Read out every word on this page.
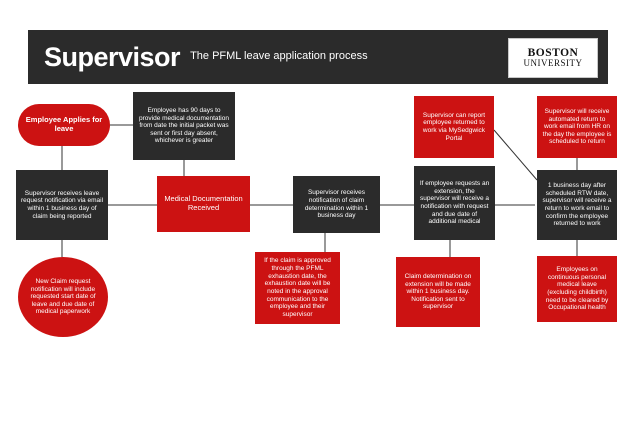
Supervisor The PFML leave application process	BOSTON
UNIVERSITY
Employee Applies for leave
Employee has 90 days to provide medical documentation from date the initial packet was sent or first day absent, whichever is greater
Supervisor can report employee returned to work via MySedgwick Portal
Supervisor will receive automated return to work email from HR on the day the employee is scheduled to return
Supervisor receives leave request notification via email within 1 business day of claim being reported
Medical Documentation Received
Supervisor receives notification of claim determination within 1 business day
If employee requests an extension, the supervisor will receive a notification with request and due date of additional medical
1 business day after scheduled RTW date, supervisor will receive a return to work email to confirm the employee returned to work
New Claim request notification will include requested start date of leave and due date of medical paperwork
If the claim is approved through the PFML exhaustion date, the exhaustion date will be noted in the approval communication to the employee and their supervisor
Claim determination on extension will be made within 1 business day. Notification sent to supervisor
Employees on continuous personal medical leave (excluding childbirth) need to be cleared by Occupational health
